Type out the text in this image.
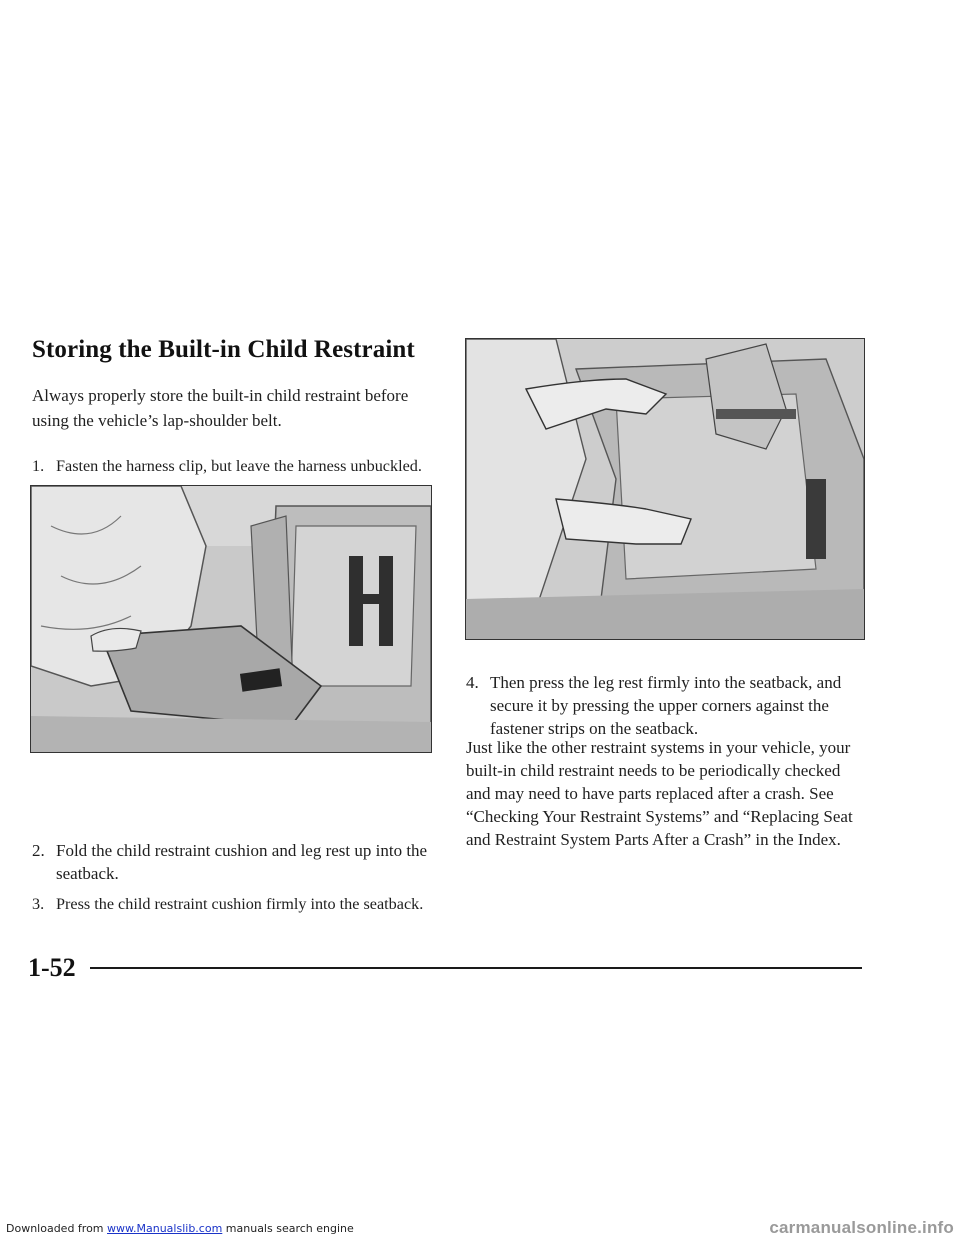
Storing the Built-in Child Restraint

Always properly store the built-in child restraint before using the vehicle’s lap-shoulder belt.

1. Fasten the harness clip, but leave the harness unbuckled.
2. Fold the child restraint cushion and leg rest up into the seatback.
3. Press the child restraint cushion firmly into the seatback.
4. Then press the leg rest firmly into the seatback, and secure it by pressing the upper corners against the fastener strips on the seatback.

Just like the other restraint systems in your vehicle, your built-in child restraint needs to be periodically checked and may need to have parts replaced after a crash. See “Checking Your Restraint Systems” and “Replacing Seat and Restraint System Parts After a Crash” in the Index.

1-52
Downloaded from www.Manualslib.com manuals search engine	carmanualsonline.info
